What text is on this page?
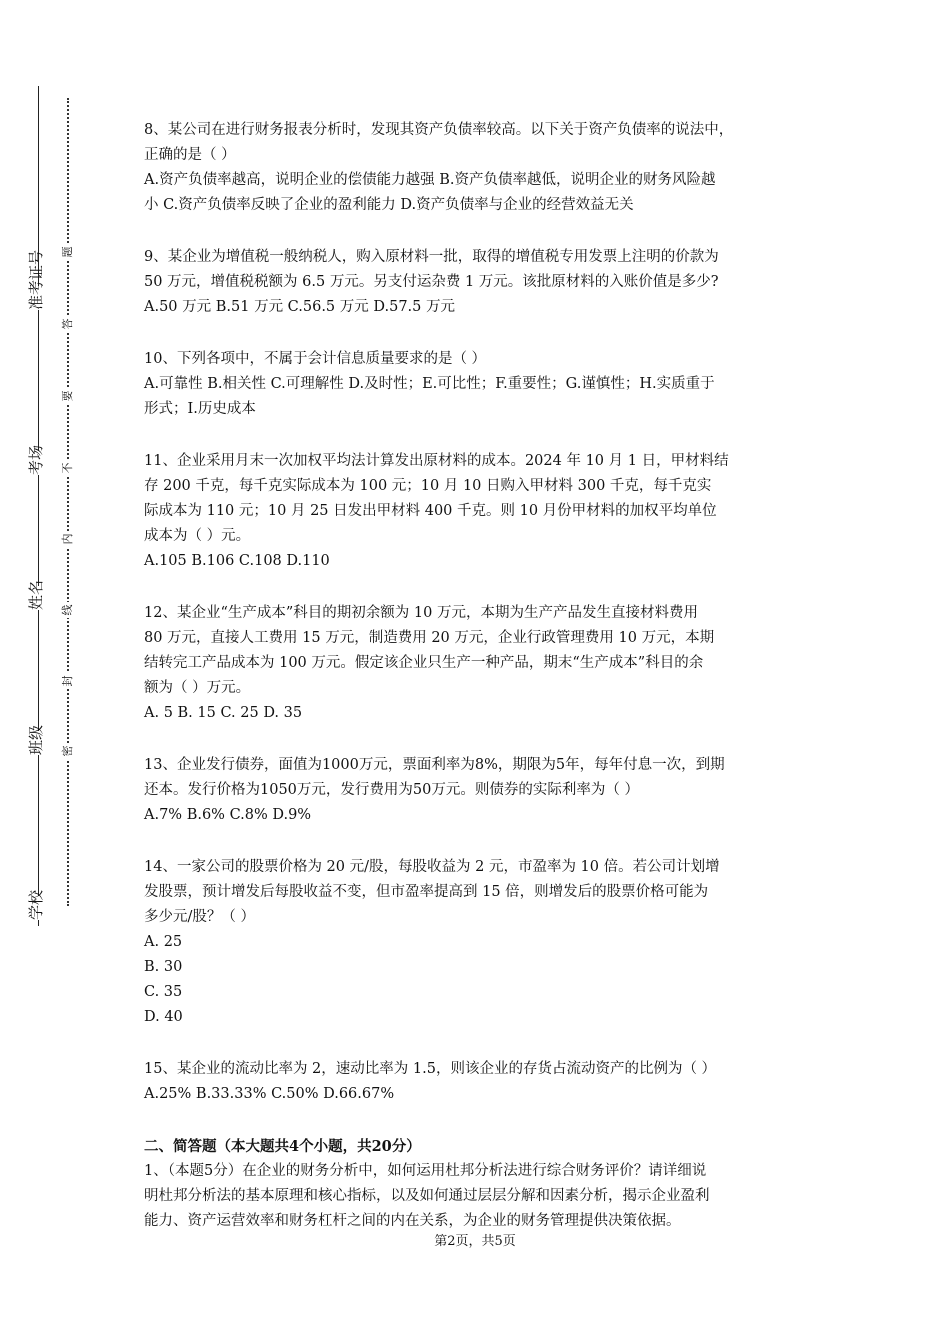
学校
班级
姓名
考场
准考证号
密
封
线
内
不
要
答
题

8、某公司在进行财务报表分析时，发现其资产负债率较高。以下关于资产负债率的说法中，

正确的是（ ）

A.资产负债率越高，说明企业的偿债能力越强 B.资产负债率越低，说明企业的财务风险越

小 C.资产负债率反映了企业的盈利能力 D.资产负债率与企业的经营效益无关

9、某企业为增值税一般纳税人，购入原材料一批，取得的增值税专用发票上注明的价款为

50 万元，增值税税额为 6.5 万元。另支付运杂费 1 万元。该批原材料的入账价值是多少?

A.50 万元 B.51 万元 C.56.5 万元 D.57.5 万元

10、下列各项中，不属于会计信息质量要求的是（ ）

A.可靠性 B.相关性 C.可理解性 D.及时性；E.可比性；F.重要性；G.谨慎性；H.实质重于

形式；I.历史成本

11、企业采用月末一次加权平均法计算发出原材料的成本。2024 年 10 月 1 日，甲材料结

存 200 千克，每千克实际成本为 100 元；10 月 10 日购入甲材料 300 千克，每千克实

际成本为 110 元；10 月 25 日发出甲材料 400 千克。则 10 月份甲材料的加权平均单位

成本为（ ）元。

A.105 B.106 C.108 D.110

12、某企业“生产成本”科目的期初余额为 10 万元，本期为生产产品发生直接材料费用

80 万元，直接人工费用 15 万元，制造费用 20 万元，企业行政管理费用 10 万元，本期

结转完工产品成本为 100 万元。假定该企业只生产一种产品，期末“生产成本”科目的余

额为（ ）万元。

A. 5 B. 15 C. 25 D. 35

13、企业发行债券，面值为1000万元，票面利率为8%，期限为5年，每年付息一次，到期

还本。发行价格为1050万元，发行费用为50万元。则债券的实际利率为（ ）

A.7% B.6% C.8% D.9%

14、一家公司的股票价格为 20 元/股，每股收益为 2 元，市盈率为 10 倍。若公司计划增

发股票，预计增发后每股收益不变，但市盈率提高到 15 倍，则增发后的股票价格可能为

多少元/股？（ ）

A. 25

B. 30

C. 35

D. 40

15、某企业的流动比率为 2，速动比率为 1.5，则该企业的存货占流动资产的比例为（ ）

A.25% B.33.33% C.50% D.66.67%

二、简答题（本大题共4个小题，共20分）

1、（本题5分）在企业的财务分析中，如何运用杜邦分析法进行综合财务评价？请详细说

明杜邦分析法的基本原理和核心指标，以及如何通过层层分解和因素分析，揭示企业盈利

能力、资产运营效率和财务杠杆之间的内在关系，为企业的财务管理提供决策依据。

第2页，共5页
